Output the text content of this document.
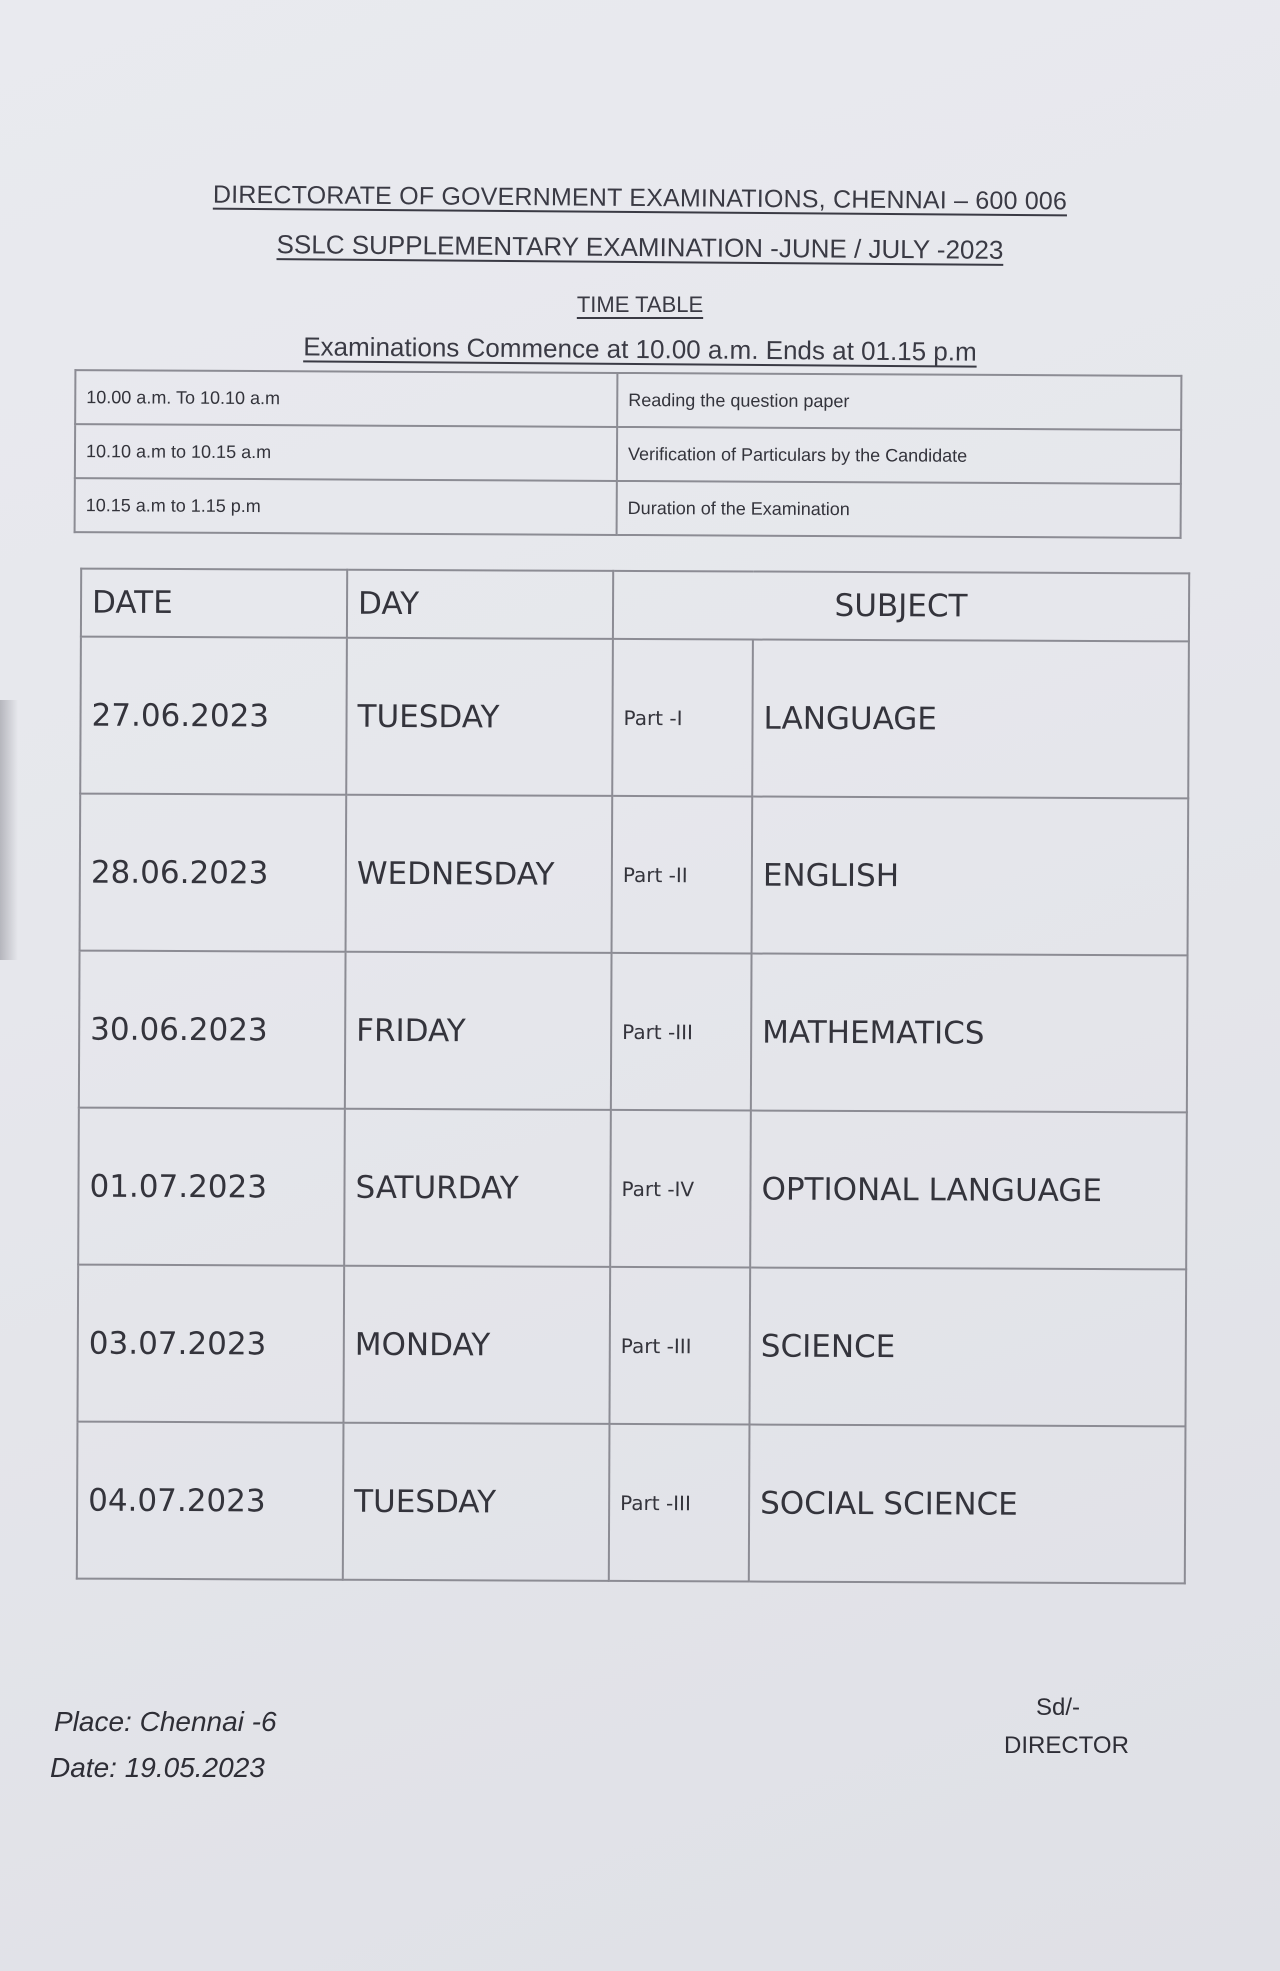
DIRECTORATE OF GOVERNMENT EXAMINATIONS, CHENNAI – 600 006
SSLC SUPPLEMENTARY EXAMINATION -JUNE / JULY -2023
TIME TABLE
Examinations Commence at 10.00 a.m. Ends at 01.15 p.m
10.00 a.m. To 10.10 a.m	Reading the question paper
10.10 a.m to 10.15 a.m	Verification of Particulars by the Candidate
10.15 a.m to 1.15 p.m	Duration of the Examination
DATE	DAY	SUBJECT	
27.06.2023	TUESDAY	Part -I	LANGUAGE
28.06.2023	WEDNESDAY	Part -II	ENGLISH
30.06.2023	FRIDAY	Part -III	MATHEMATICS
01.07.2023	SATURDAY	Part -IV	OPTIONAL LANGUAGE
03.07.2023	MONDAY	Part -III	SCIENCE
04.07.2023	TUESDAY	Part -III	SOCIAL SCIENCE
Place: Chennai -6
Date: 19.05.2023
Sd/-
DIRECTOR
